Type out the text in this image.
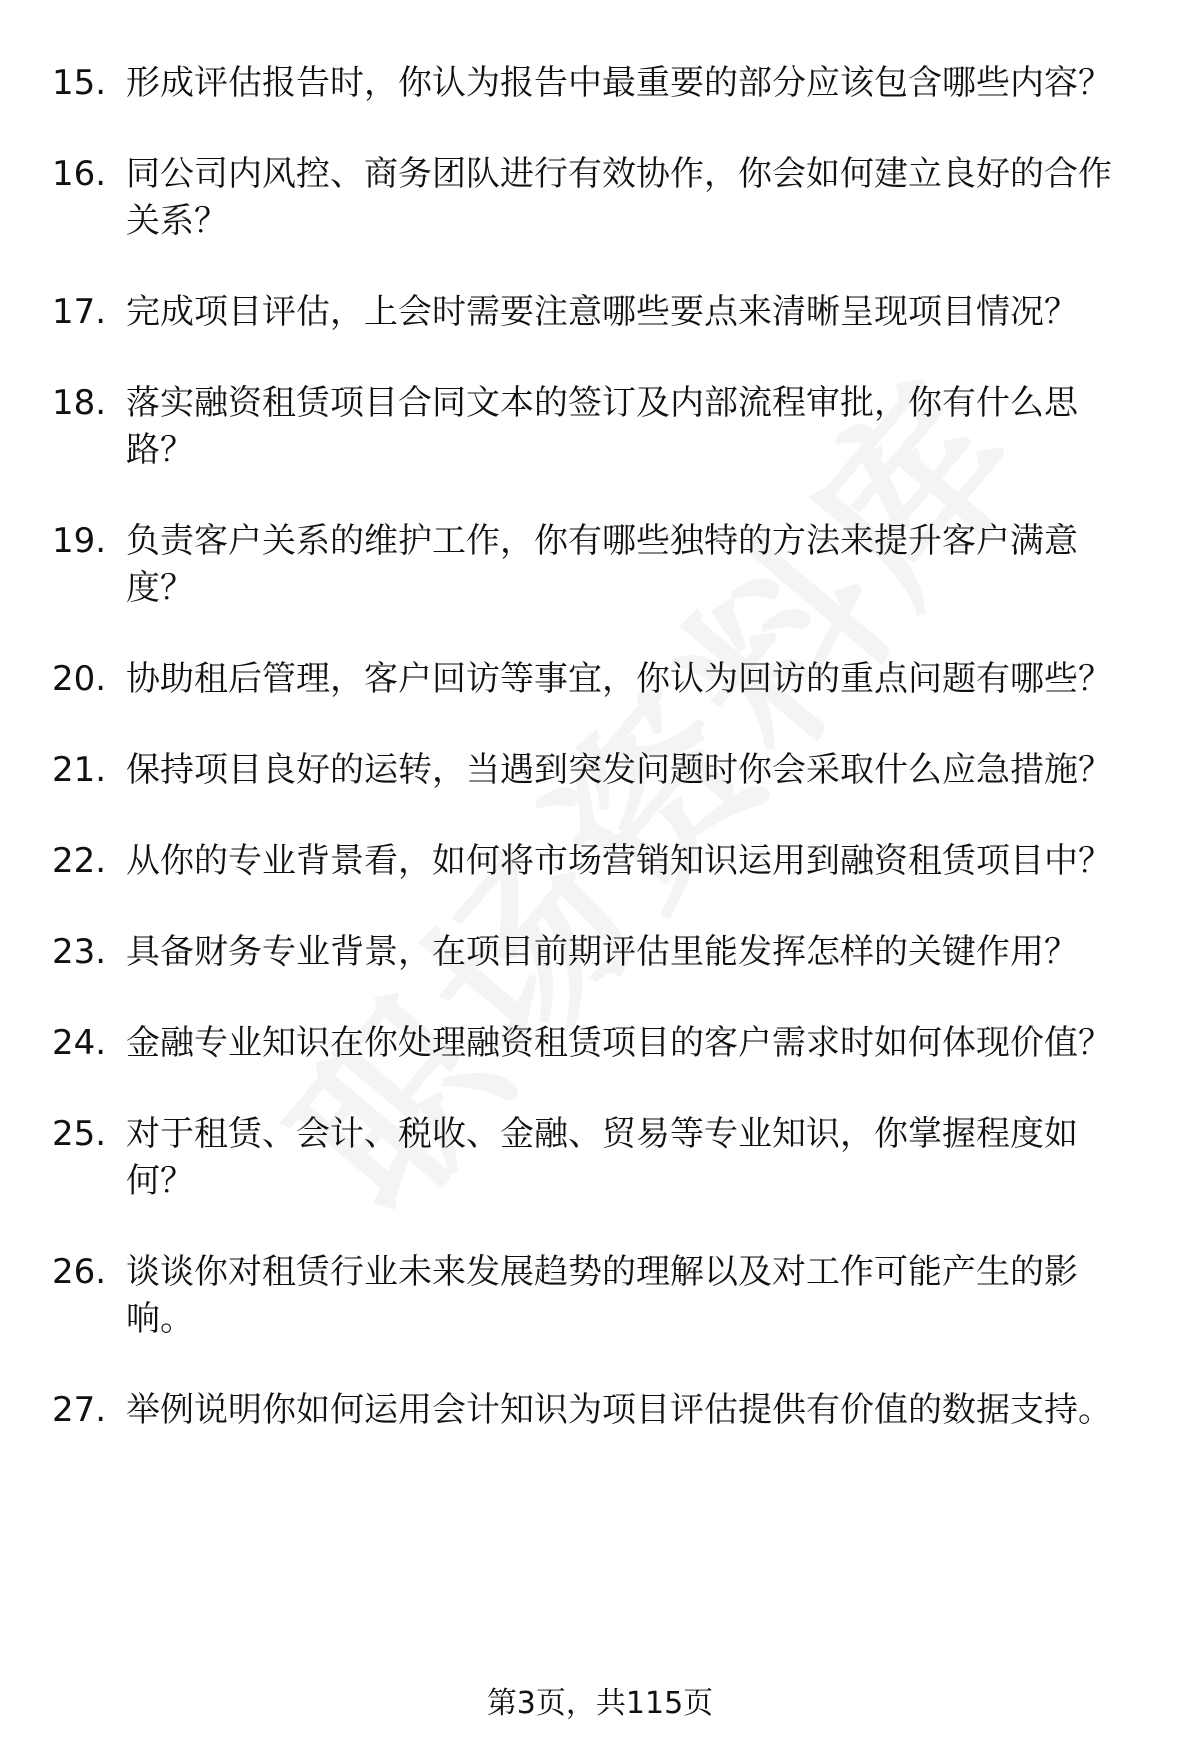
15. 形成评估报告时，你认为报告中最重要的部分应该包含哪些内容？
16. 同公司内风控、商务团队进行有效协作，你会如何建立良好的合作关系？
17. 完成项目评估，上会时需要注意哪些要点来清晰呈现项目情况？
18. 落实融资租赁项目合同文本的签订及内部流程审批，你有什么思路？
19. 负责客户关系的维护工作，你有哪些独特的方法来提升客户满意度？
20. 协助租后管理，客户回访等事宜，你认为回访的重点问题有哪些？
21. 保持项目良好的运转，当遇到突发问题时你会采取什么应急措施？
22. 从你的专业背景看，如何将市场营销知识运用到融资租赁项目中？
23. 具备财务专业背景，在项目前期评估里能发挥怎样的关键作用？
24. 金融专业知识在你处理融资租赁项目的客户需求时如何体现价值？
25. 对于租赁、会计、税收、金融、贸易等专业知识，你掌握程度如何？
26. 谈谈你对租赁行业未来发展趋势的理解以及对工作可能产生的影响。
27. 举例说明你如何运用会计知识为项目评估提供有价值的数据支持。
第3页，共115页
